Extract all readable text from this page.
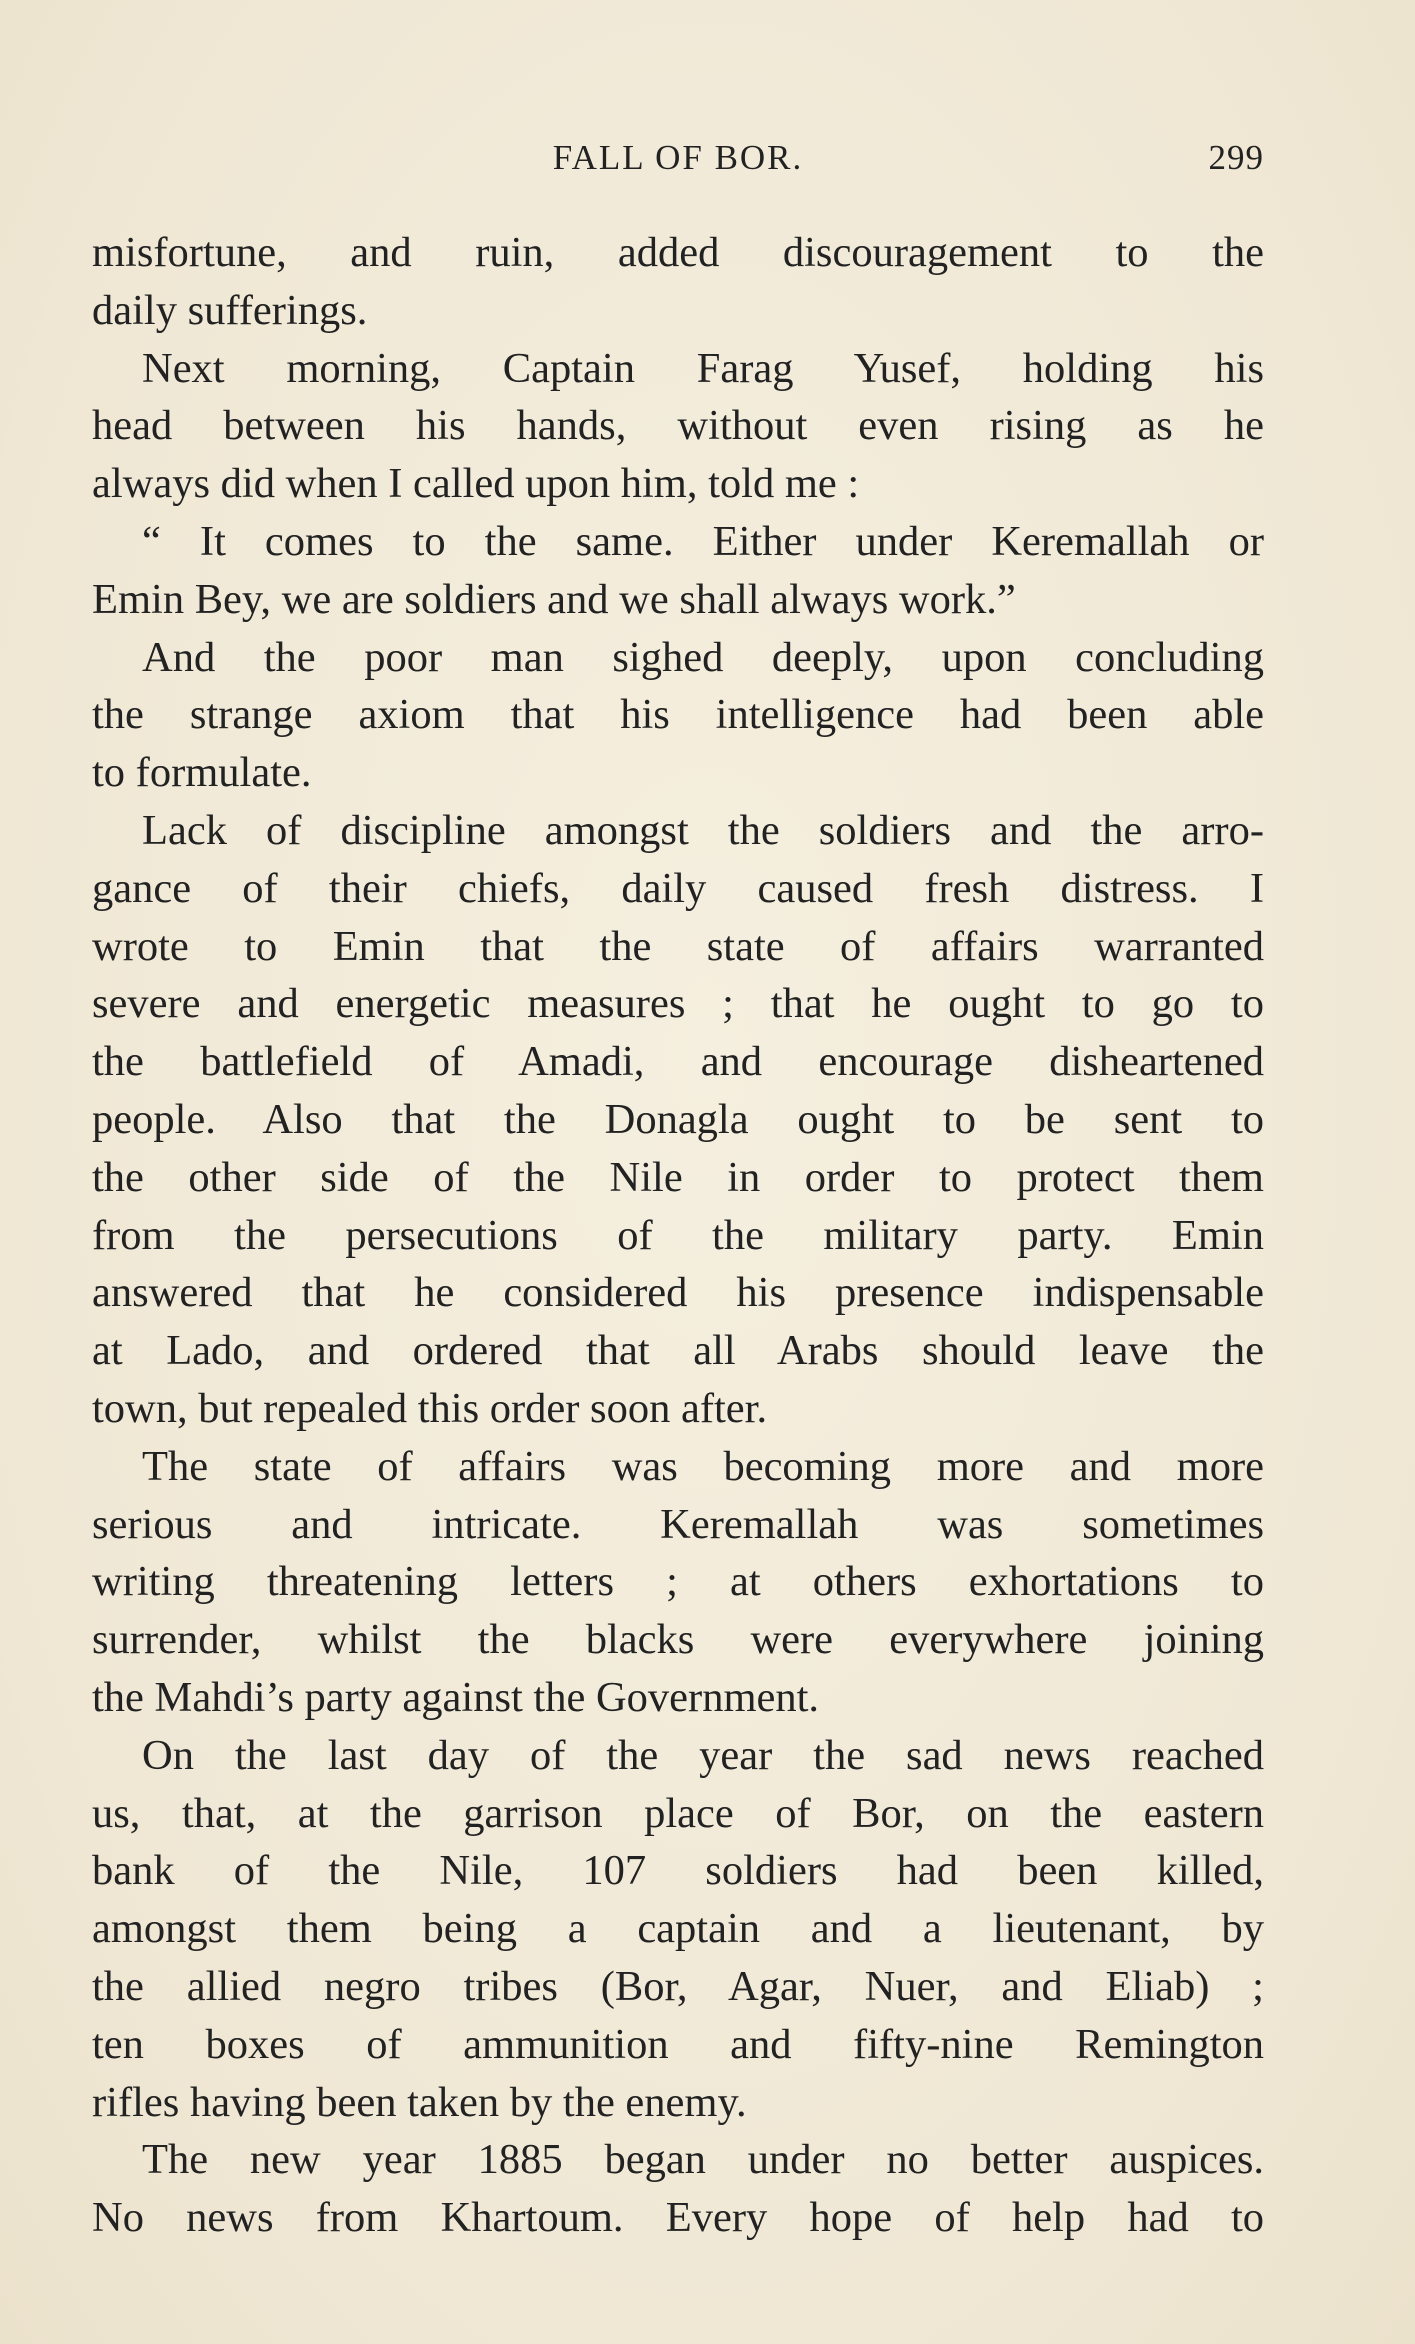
FALL OF BOR.	299
misfortune, and ruin, added discouragement to the
daily sufferings.
Next morning, Captain Farag Yusef, holding his
head between his hands, without even rising as he
always did when I called upon him, told me :
“ It comes to the same. Either under Keremallah or
Emin Bey, we are soldiers and we shall always work.”
And the poor man sighed deeply, upon concluding
the strange axiom that his intelligence had been able
to formulate.
Lack of discipline amongst the soldiers and the arro-
gance of their chiefs, daily caused fresh distress. I
wrote to Emin that the state of affairs warranted
severe and energetic measures ; that he ought to go to
the battlefield of Amadi, and encourage disheartened
people. Also that the Donagla ought to be sent to
the other side of the Nile in order to protect them
from the persecutions of the military party. Emin
answered that he considered his presence indispensable
at Lado, and ordered that all Arabs should leave the
town, but repealed this order soon after.
The state of affairs was becoming more and more
serious and intricate. Keremallah was sometimes
writing threatening letters ; at others exhortations to
surrender, whilst the blacks were everywhere joining
the Mahdi’s party against the Government.
On the last day of the year the sad news reached
us, that, at the garrison place of Bor, on the eastern
bank of the Nile, 107 soldiers had been killed,
amongst them being a captain and a lieutenant, by
the allied negro tribes (Bor, Agar, Nuer, and Eliab) ;
ten boxes of ammunition and fifty-nine Remington
rifles having been taken by the enemy.
The new year 1885 began under no better auspices.
No news from Khartoum. Every hope of help had to
